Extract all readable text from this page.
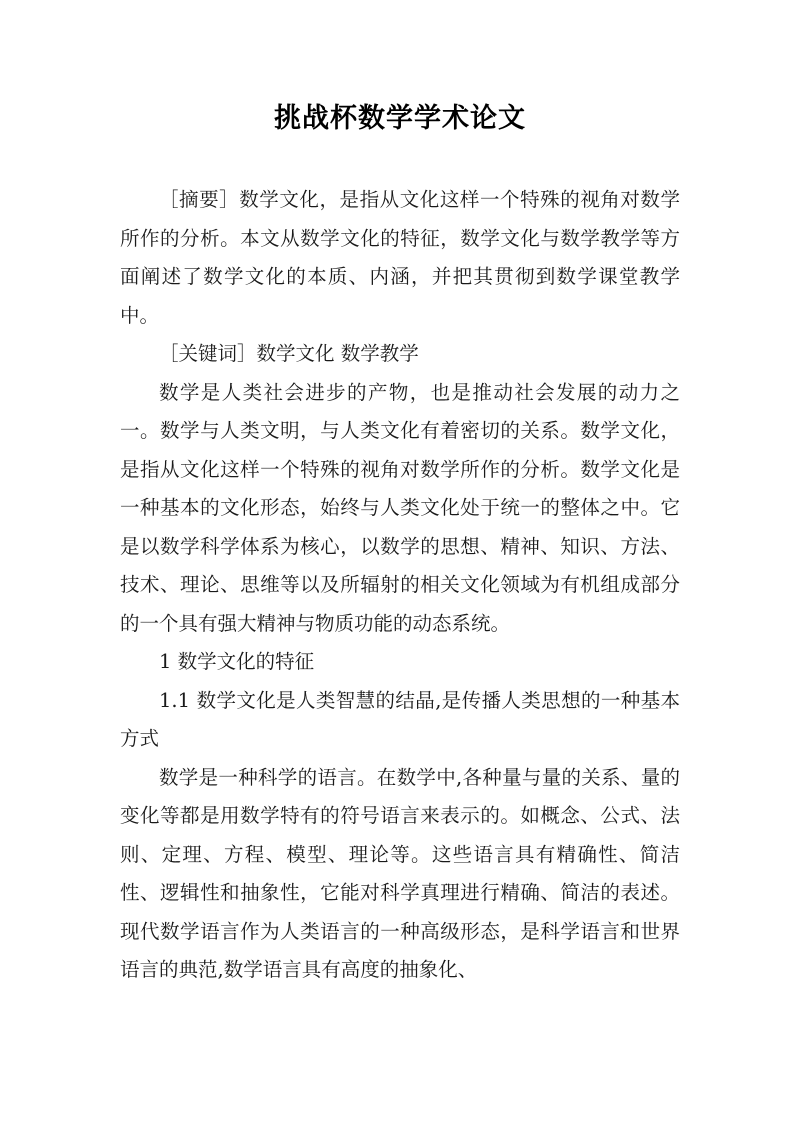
挑战杯数学学术论文

［摘要］数学文化，是指从文化这样一个特殊的视角对数学所作的分析。本文从数学文化的特征，数学文化与数学教学等方面阐述了数学文化的本质、内涵，并把其贯彻到数学课堂教学中。

［关键词］数学文化 数学教学

数学是人类社会进步的产物，也是推动社会发展的动力之一。数学与人类文明，与人类文化有着密切的关系。数学文化，是指从文化这样一个特殊的视角对数学所作的分析。数学文化是一种基本的文化形态，始终与人类文化处于统一的整体之中。它是以数学科学体系为核心，以数学的思想、精神、知识、方法、技术、理论、思维等以及所辐射的相关文化领域为有机组成部分的一个具有强大精神与物质功能的动态系统。

1 数学文化的特征

1.1 数学文化是人类智慧的结晶,是传播人类思想的一种基本方式

数学是一种科学的语言。在数学中,各种量与量的关系、量的变化等都是用数学特有的符号语言来表示的。如概念、公式、法则、定理、方程、模型、理论等。这些语言具有精确性、简洁性、逻辑性和抽象性，它能对科学真理进行精确、简洁的表述。现代数学语言作为人类语言的一种高级形态，是科学语言和世界语言的典范,数学语言具有高度的抽象化、
